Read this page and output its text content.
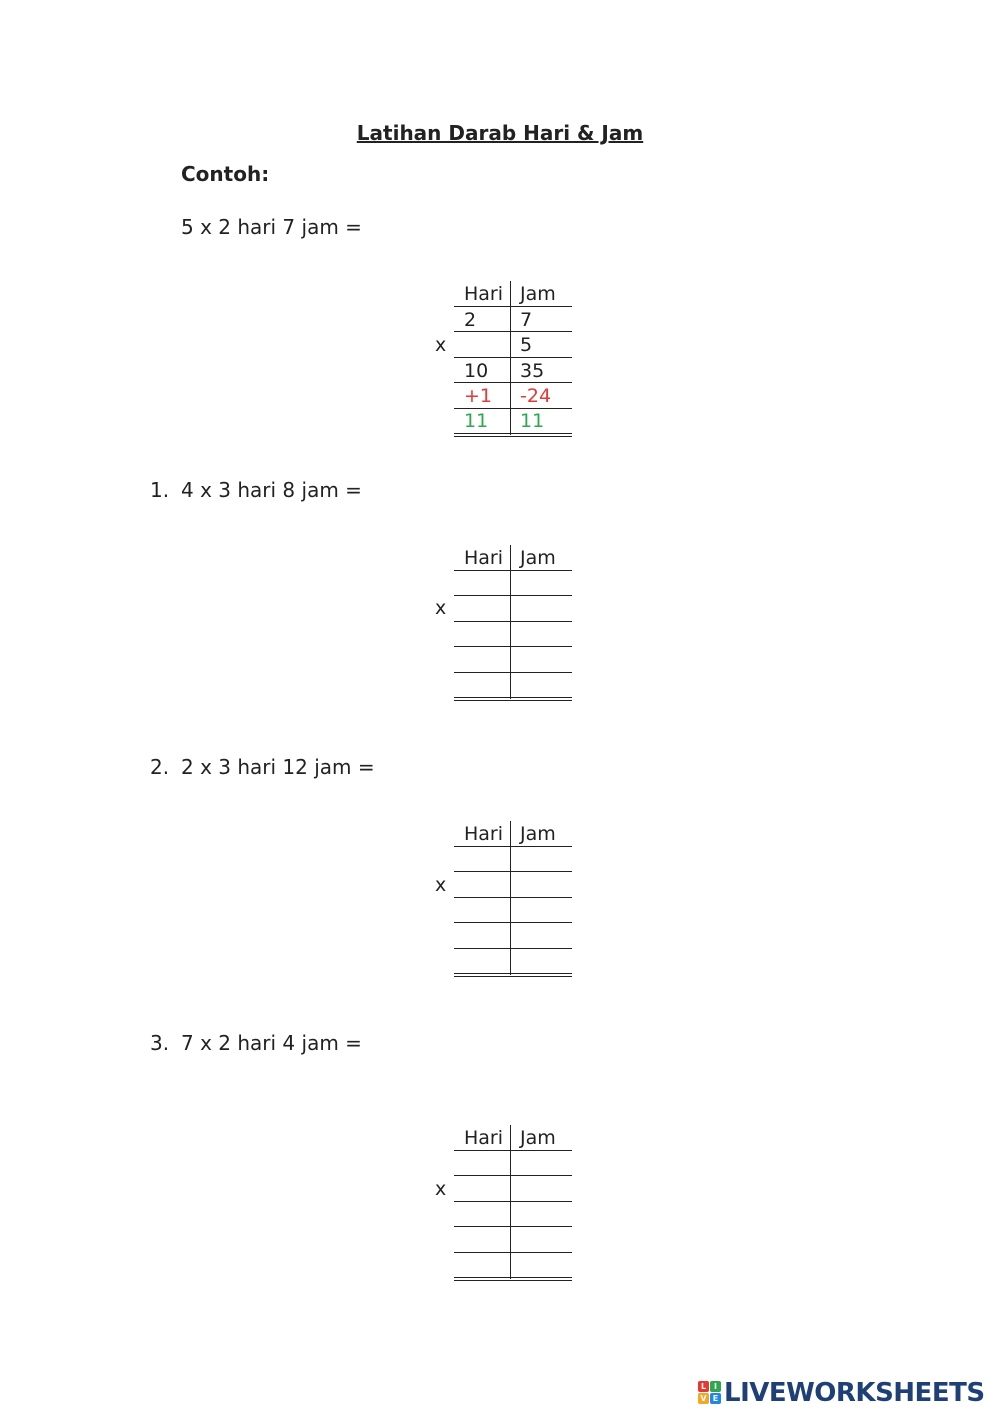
Latihan Darab Hari & Jam
Contoh:
5 x 2 hari 7 jam =
Hari Jam
2 7
5
10 35
+1 -24
11 11
x
1. 4 x 3 hari 8 jam =
Hari Jam
x
2. 2 x 3 hari 12 jam =
Hari Jam
x
3. 7 x 2 hari 4 jam =
Hari Jam
x
L I
V E LIVEWORKSHEETS
